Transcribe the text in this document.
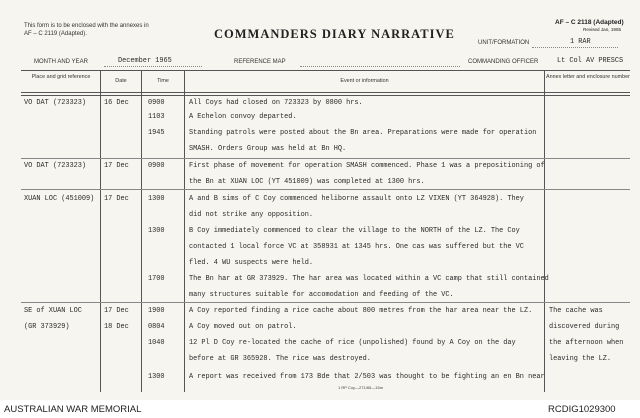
This form is to be enclosed with the annexes in AF – C 2119 (Adapted).	COMMANDERS DIARY NARRATIVE
AF – C 2118 (Adapted)
Revised Jan, 1965
UNIT/FORMATION	1 RAR
MONTH AND YEAR	December 1965	REFERENCE MAP	COMMANDING OFFICER	Lt Col AV PRESCS
Place and grid reference
Date	Time	Event or information
Annex letter and enclosure number
VO DAT (723323)	16 Dec	0900	All Coys had closed on 723323 by 0800 hrs.
1103	A Echelon convoy departed.
1945	Standing patrols were posted about the Bn area. Preparations were made for operation
SMASH. Orders Group was held at Bn HQ.
VO DAT (723323)	17 Dec	0900	First phase of movement for operation SMASH commenced. Phase 1 was a prepositioning of
the Bn at XUAN LOC (YT 451009) was completed at 1300 hrs.
XUAN LOC (451009) 17 Dec	1300	A and B sims of C Coy commenced heliborne assault onto LZ VIXEN (YT 364928). They
did not strike any opposition.
1300	B Coy immediately commenced to clear the village to the NORTH of the LZ. The Coy
contacted 1 local force VC at 358931 at 1345 hrs. One cas was suffered but the VC
fled. 4 WU suspects were held.
1700	The Bn har at GR 373929. The har area was located within a VC camp that still contained
many structures suitable for accomodation and feeding of the VC.
SE of XUAN LOC	17 Dec	1900	A Coy reported finding a rice cache about 800 metres from the har area near the LZ. The cache was
(GR 373929)	18 Dec	0804	A Coy moved out on patrol.	discovered during
1040	12 Pl D Coy re-located the cache of rice (unpolished) found by A Coy on the day	the afternoon when
before at GR 365928. The rice was destroyed.	leaving the LZ.
1300	A report was received from 173 Bde that 2/503 was thought to be fighting an en Bn near
1 RP Coy—271/65—15m
AUSTRALIAN WAR MEMORIAL	RCDIG1029300
